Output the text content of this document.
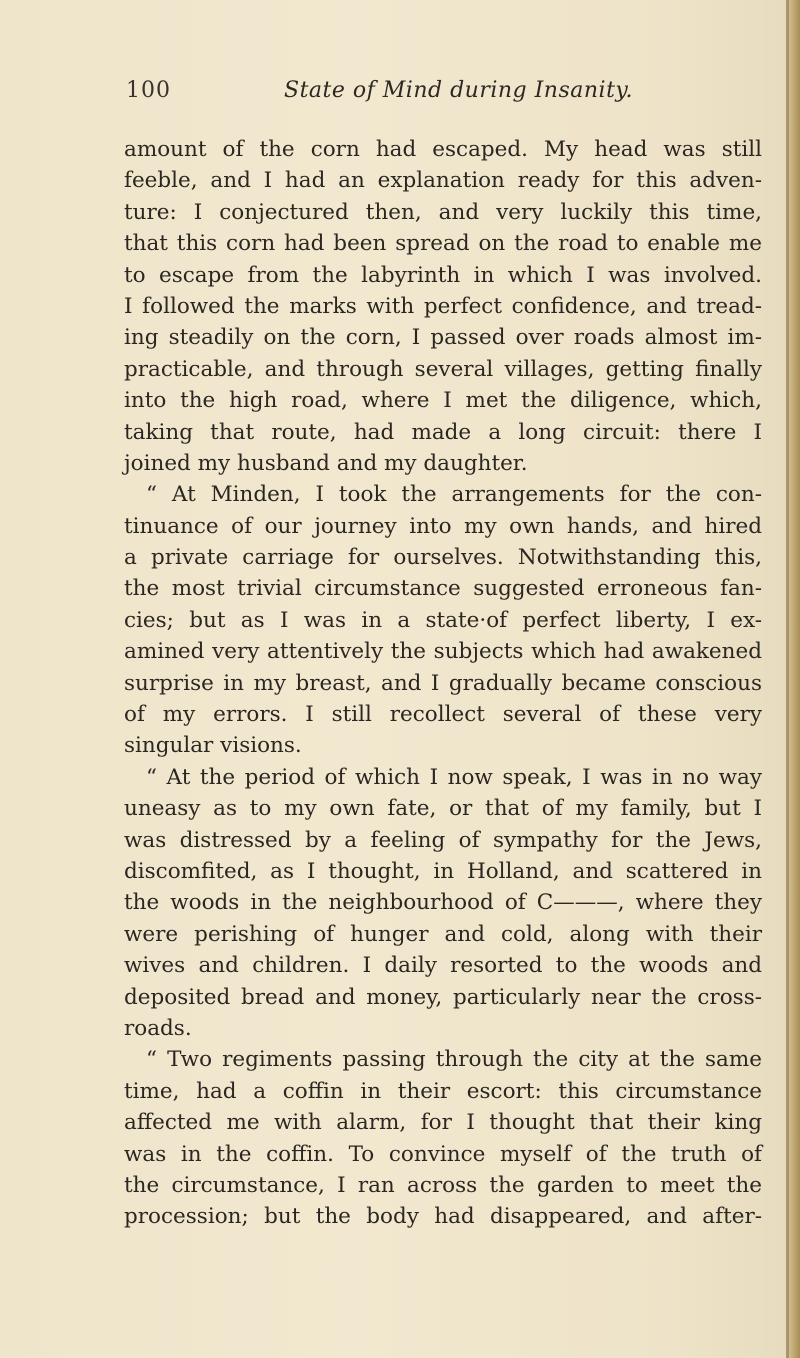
100	State of Mind during Insanity.
amount of the corn had escaped. My head was still
feeble, and I had an explanation ready for this adven-
ture: I conjectured then, and very luckily this time,
that this corn had been spread on the road to enable me
to escape from the labyrinth in which I was involved.
I followed the marks with perfect confidence, and tread-
ing steadily on the corn, I passed over roads almost im-
practicable, and through several villages, getting finally
into the high road, where I met the diligence, which,
taking that route, had made a long circuit: there I
joined my husband and my daughter.
“ At Minden, I took the arrangements for the con-
tinuance of our journey into my own hands, and hired
a private carriage for ourselves. Notwithstanding this,
the most trivial circumstance suggested erroneous fan-
cies; but as I was in a state·of perfect liberty, I ex-
amined very attentively the subjects which had awakened
surprise in my breast, and I gradually became conscious
of my errors. I still recollect several of these very
singular visions.
“ At the period of which I now speak, I was in no way
uneasy as to my own fate, or that of my family, but I
was distressed by a feeling of sympathy for the Jews,
discomfited, as I thought, in Holland, and scattered in
the woods in the neighbourhood of C———, where they
were perishing of hunger and cold, along with their
wives and children. I daily resorted to the woods and
deposited bread and money, particularly near the cross-
roads.
“ Two regiments passing through the city at the same
time, had a coffin in their escort: this circumstance
affected me with alarm, for I thought that their king
was in the coffin. To convince myself of the truth of
the circumstance, I ran across the garden to meet the
procession; but the body had disappeared, and after-
